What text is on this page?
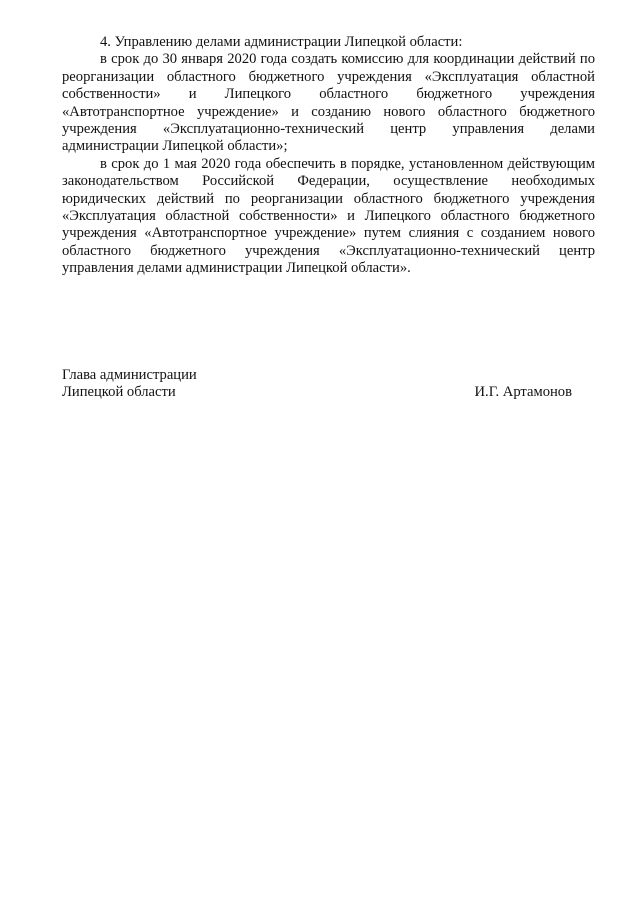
4. Управлению делами администрации Липецкой области:

в срок до 30 января 2020 года создать комиссию для координации действий по реорганизации областного бюджетного учреждения «Эксплуатация областной собственности» и Липецкого областного бюджетного учреждения «Автотранспортное учреждение» и созданию нового областного бюджетного учреждения «Эксплуатационно-технический центр управления делами администрации Липецкой области»;

в срок до 1 мая 2020 года обеспечить в порядке, установленном действующим законодательством Российской Федерации, осуществление необходимых юридических действий по реорганизации областного бюджетного учреждения «Эксплуатация областной собственности» и Липецкого областного бюджетного учреждения «Автотранспортное учреждение» путем слияния с созданием нового областного бюджетного учреждения «Эксплуатационно-технический центр управления делами администрации Липецкой области».

Глава администрации
Липецкой области	И.Г. Артамонов
